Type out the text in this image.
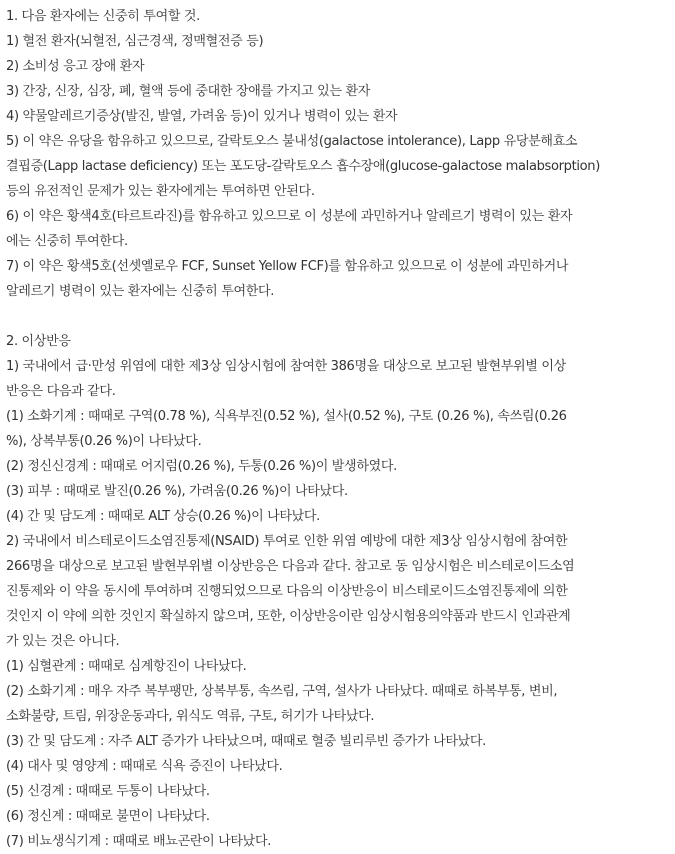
1. 다음 환자에는 신중히 투여할 것.
1) 혈전 환자(뇌혈전, 심근경색, 정맥혈전증 등)
2) 소비성 응고 장애 환자
3) 간장, 신장, 심장, 폐, 혈액 등에 중대한 장애를 가지고 있는 환자
4) 약물알레르기증상(발진, 발열, 가려움 등)이 있거나 병력이 있는 환자
5) 이 약은 유당을 함유하고 있으므로, 갈락토오스 불내성(galactose intolerance), Lapp 유당분해효소
결핍증(Lapp lactase deficiency) 또는 포도당-갈락토오스 흡수장애(glucose-galactose malabsorption)
등의 유전적인 문제가 있는 환자에게는 투여하면 안된다.
6) 이 약은 황색4호(타르트라진)를 함유하고 있으므로 이 성분에 과민하거나 알레르기 병력이 있는 환자
에는 신중히 투여한다.
7) 이 약은 황색5호(선셋옐로우 FCF, Sunset Yellow FCF)를 함유하고 있으므로 이 성분에 과민하거나
알레르기 병력이 있는 환자에는 신중히 투여한다.
2. 이상반응
1) 국내에서 급·만성 위염에 대한 제3상 임상시험에 참여한 386명을 대상으로 보고된 발현부위별 이상
반응은 다음과 같다.
(1) 소화기계 : 때때로 구역(0.78 %), 식욕부진(0.52 %), 설사(0.52 %), 구토 (0.26 %), 속쓰림(0.26
%), 상복부통(0.26 %)이 나타났다.
(2) 정신신경계 : 때때로 어지럼(0.26 %), 두통(0.26 %)이 발생하였다.
(3) 피부 : 때때로 발진(0.26 %), 가려움(0.26 %)이 나타났다.
(4) 간 및 담도계 : 때때로 ALT 상승(0.26 %)이 나타났다.
2) 국내에서 비스테로이드소염진통제(NSAID) 투여로 인한 위염 예방에 대한 제3상 임상시험에 참여한
266명을 대상으로 보고된 발현부위별 이상반응은 다음과 같다. 참고로 동 임상시험은 비스테로이드소염
진통제와 이 약을 동시에 투여하며 진행되었으므로 다음의 이상반응이 비스테로이드소염진통제에 의한
것인지 이 약에 의한 것인지 확실하지 않으며, 또한, 이상반응이란 임상시험용의약품과 반드시 인과관계
가 있는 것은 아니다.
(1) 심혈관계 : 때때로 심계항진이 나타났다.
(2) 소화기계 : 매우 자주 복부팽만, 상복부통, 속쓰림, 구역, 설사가 나타났다. 때때로 하복부통, 변비,
소화불량, 트림, 위장운동과다, 위식도 역류, 구토, 허기가 나타났다.
(3) 간 및 담도계 : 자주 ALT 증가가 나타났으며, 때때로 혈중 빌리루빈 증가가 나타났다.
(4) 대사 및 영양계 : 때때로 식욕 증진이 나타났다.
(5) 신경계 : 때때로 두통이 나타났다.
(6) 정신계 : 때때로 불면이 나타났다.
(7) 비뇨생식기계 : 때때로 배뇨곤란이 나타났다.
